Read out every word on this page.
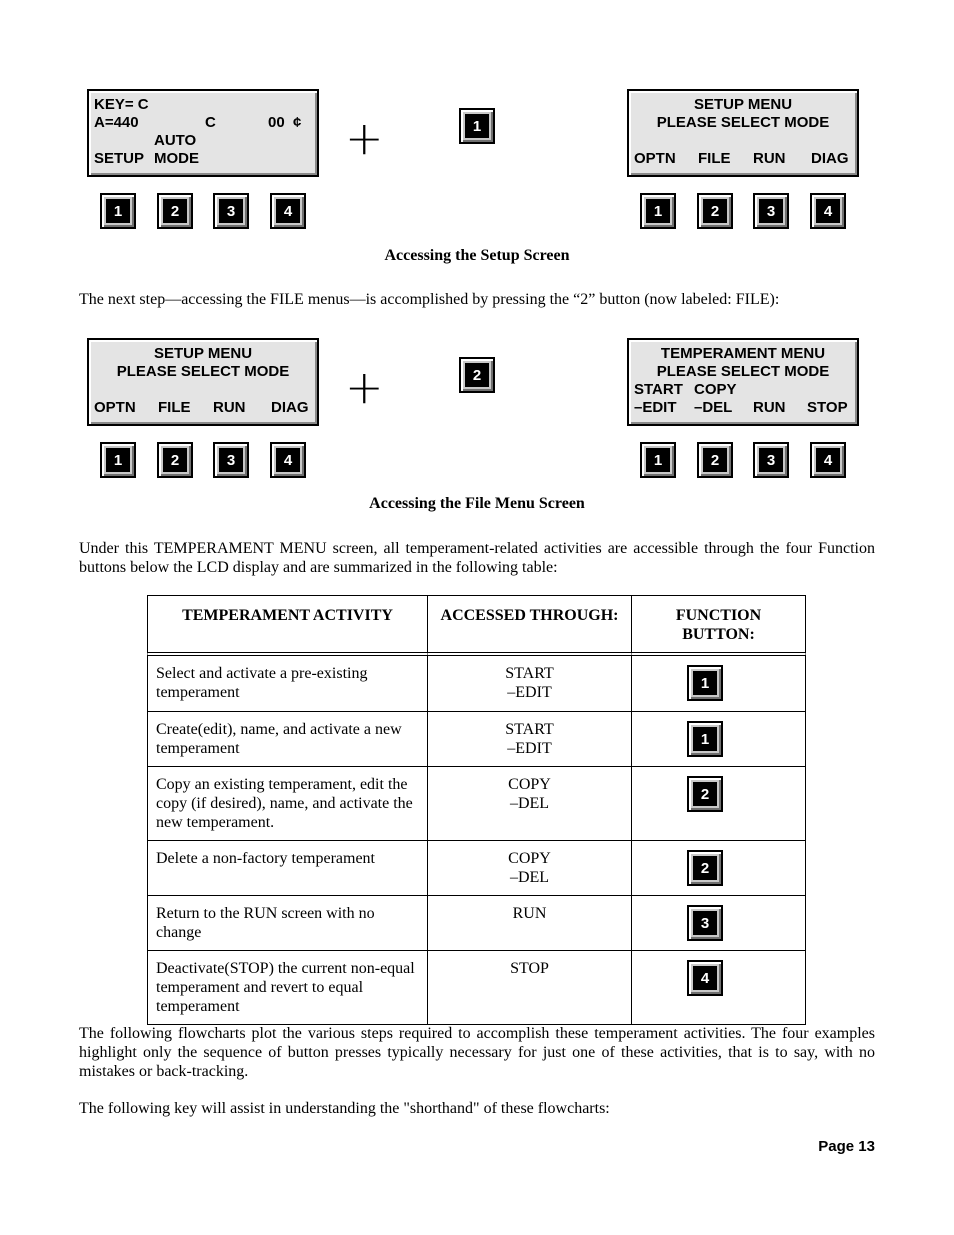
KEY= C
A=440	C	00  ¢
AUTO
SETUP MODE	+	1
SETUP MENU
PLEASE SELECT MODE
OPTN FILE RUN DIAG
1	2	3	4	1	2	3	4
Accessing the Setup Screen
The next step—accessing the FILE menus—is accomplished by pressing the “2” button (now labeled: FILE):
SETUP MENU
PLEASE SELECT MODE
OPTN FILE RUN DIAG +	2
TEMPERAMENT MENU
PLEASE SELECT MODE
START COPY
–EDIT –DEL RUN STOP
1	2	3	4	1	2	3	4
Accessing the File Menu Screen
Under this TEMPERAMENT MENU screen, all temperament-related activities are accessible through the four Function buttons below the LCD display and are summarized in the following table:
TEMPERAMENT ACTIVITY	ACCESSED THROUGH:	FUNCTION BUTTON:
Select and activate a pre-existing temperament	START
–EDIT	1

Create(edit), name, and activate a new temperament	START
–EDIT	1

Copy an existing temperament, edit the copy (if desired), name, and activate the new temperament.	COPY
–DEL	2

Delete a non-factory temperament	COPY
–DEL	2

Return to the RUN screen with no change	RUN	3

Deactivate(STOP) the current non-equal temperament and revert to equal temperament	STOP	4
The following flowcharts plot the various steps required to accomplish these temperament activities. The four examples highlight only the sequence of button presses typically necessary for just one of these activities, that is to say, with no mistakes or back-tracking.
The following key will assist in understanding the "shorthand" of these flowcharts:
Page 13
